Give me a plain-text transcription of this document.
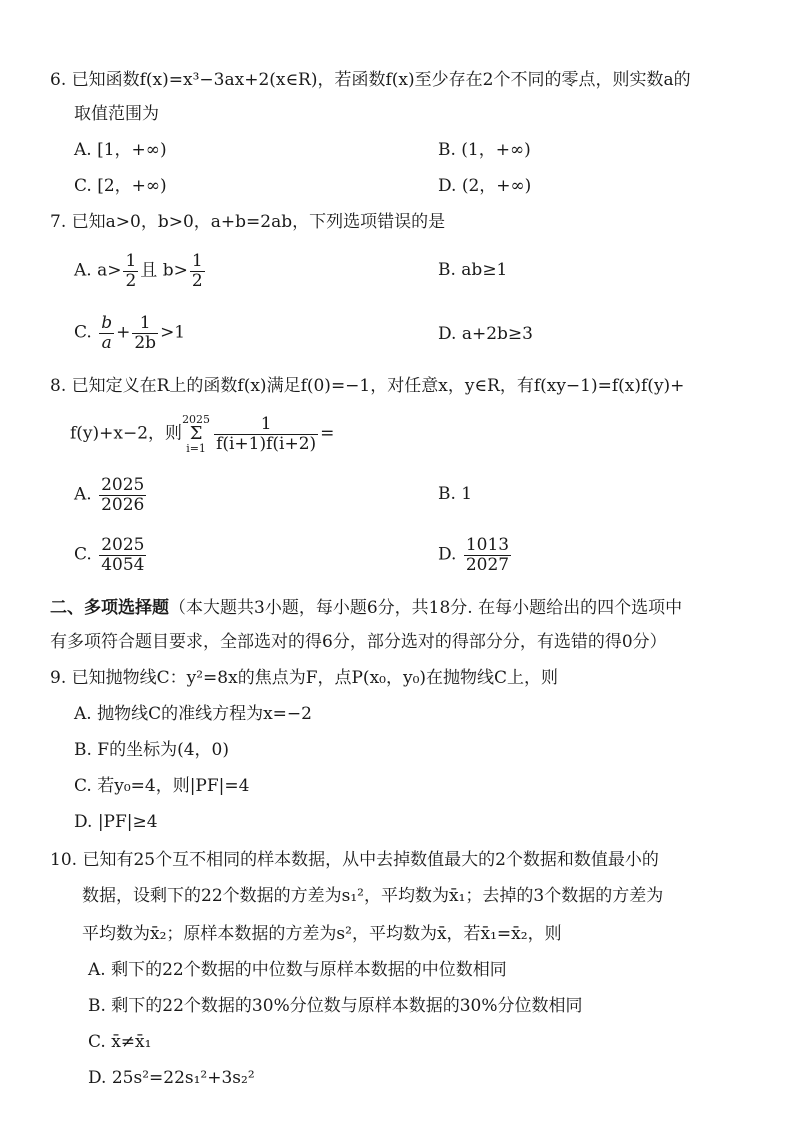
6. 已知函数f(x)=x³−3ax+2(x∈R)，若函数f(x)至少存在2个不同的零点，则实数a的
取值范围为
A. [1，+∞)	B. (1，+∞)
C. [2，+∞)	D. (2，+∞)
7. 已知a>0，b>0，a+b=2ab，下列选项错误的是
A. $a> \frac{1}{2}$ 且 $b> \frac{1}{2}$	B. ab≥1
C. $\frac{b}{a} + \frac{1}{2b} >1$	D. a+2b≥3
8. 已知定义在R上的函数f(x)满足f(0)=−1，对任意x，y∈R，有f(xy−1)=f(x)f(y)+
f(y)+x−2，则2025
Σ
$i=1 \frac{1}{f(i+1)f(i+2)}$ =
A. $\frac{2025}{2026}$	B. 1
C. $\frac{2025}{4054}$	D. $\frac{1013}{2027}$
二、多项选择题（本大题共3小题，每小题6分，共18分. 在每小题给出的四个选项中
有多项符合题目要求，全部选对的得6分，部分选对的得部分分，有选错的得0分）
9. 已知抛物线C：y²=8x的焦点为F，点P(x₀，y₀)在抛物线C上，则
A. 抛物线C的准线方程为x=−2
B. F的坐标为(4，0)
C. 若y₀=4，则|PF|=4
D. |PF|≥4
10. 已知有25个互不相同的样本数据，从中去掉数值最大的2个数据和数值最小的
数据，设剩下的22个数据的方差为s₁²，平均数为x̄₁；去掉的3个数据的方差为
平均数为x̄₂；原样本数据的方差为s²，平均数为x̄，若x̄₁=x̄₂，则
A. 剩下的22个数据的中位数与原样本数据的中位数相同
B. 剩下的22个数据的30%分位数与原样本数据的30%分位数相同
C. x̄≠x̄₁
D. 25s²=22s₁²+3s₂²
